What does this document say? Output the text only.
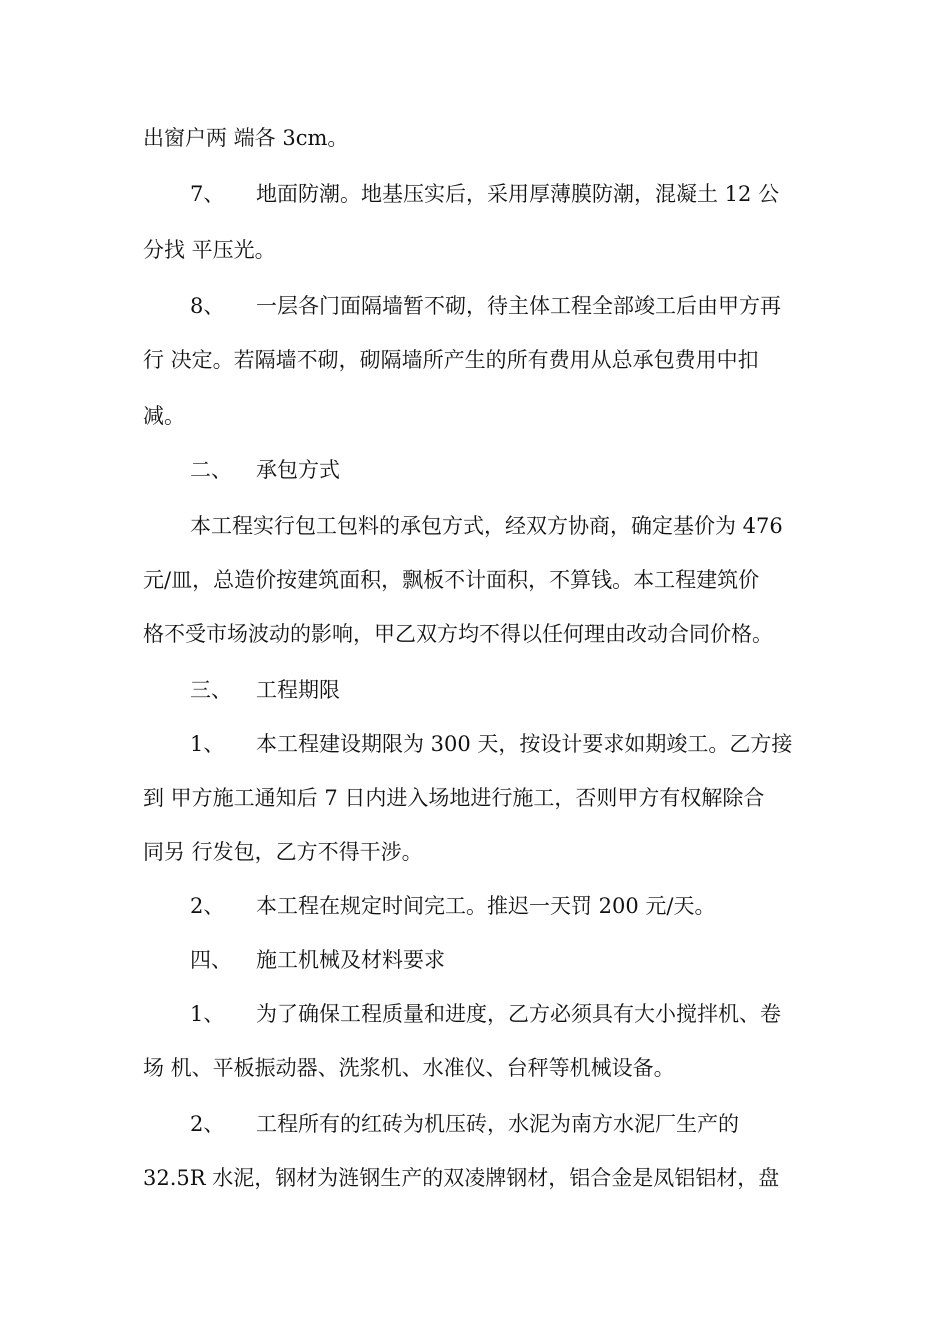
出窗户两 端各 3cm。
7、 地面防潮。地基压实后，采用厚薄膜防潮，混凝土 12 公
分找 平压光。
8、 一层各门面隔墙暂不砌，待主体工程全部竣工后由甲方再
行 决定。若隔墙不砌，砌隔墙所产生的所有费用从总承包费用中扣
减。
二、 承包方式
本工程实行包工包料的承包方式，经双方协商，确定基价为 476
元/皿，总造价按建筑面积，飘板不计面积，不算钱。本工程建筑价
格不受市场波动的影响，甲乙双方均不得以任何理由改动合同价格。
三、 工程期限
1、 本工程建设期限为 300 天，按设计要求如期竣工。乙方接
到 甲方施工通知后 7 日内进入场地进行施工，否则甲方有权解除合
同另 行发包，乙方不得干涉。
2、 本工程在规定时间完工。推迟一天罚 200 元/天。
四、 施工机械及材料要求
1、 为了确保工程质量和进度，乙方必须具有大小搅拌机、卷
场 机、平板振动器、洗浆机、水准仪、台秤等机械设备。
2、 工程所有的红砖为机压砖，水泥为南方水泥厂生产的
32.5R 水泥，钢材为涟钢生产的双凌牌钢材，铝合金是凤铝铝材，盘
